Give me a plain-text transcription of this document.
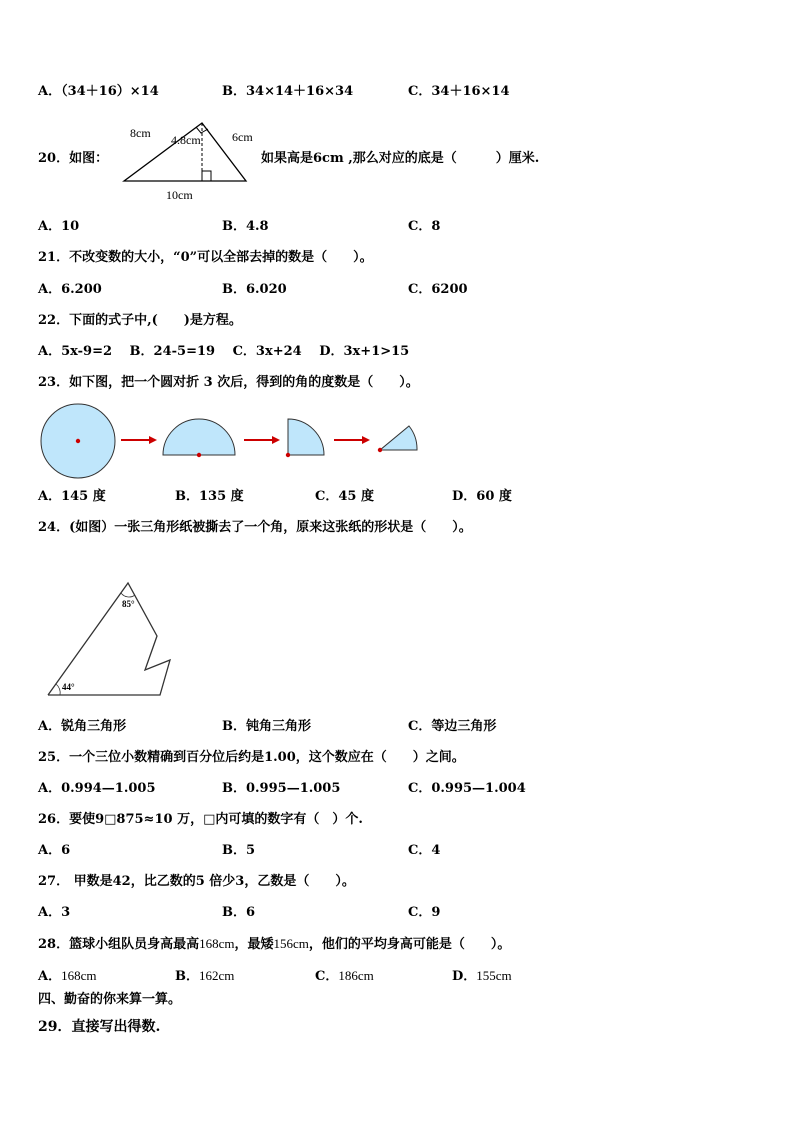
A．（34＋16）×14	B．34×14＋16×34	C．34＋16×14
20．如图：
8cm 4.8cm	6cm
10cm
如果高是6cm ,那么对应的底是（　　　）厘米.
A．10	B．4.8	C．8
21．不改变数的大小，“0”可以全部去掉的数是（　　）。
A．6.200	B．6.020	C．6200
22．下面的式子中,(　　)是方程。
A．5x-9=2　 B．24-5=19　 C．3x+24　 D．3x+1>15
23．如下图，把一个圆对折 3 次后，得到的角的度数是（　　）。
A．145 度	B．135 度	C．45 度	D．60 度
24．(如图）一张三角形纸被撕去了一个角，原来这张纸的形状是（　　）。
85°
44°
A．锐角三角形	B．钝角三角形	C．等边三角形
25．一个三位小数精确到百分位后约是1.00，这个数应在（　　）之间。
A．0.994—1.005	B．0.995—1.005	C．0.995—1.004
26．要使9□875≈10 万，□内可填的数字有（　）个.
A．6	B．5	C．4
27． 甲数是42，比乙数的5 倍少3，乙数是（　　）。
A．3	B．6	C．9
28．篮球小组队员身高最高168cm，最矮156cm，他们的平均身高可能是（　　）。
A．168cm	B．162cm	C．186cm	D．155cm
四、勤奋的你来算一算。
29．直接写出得数.
